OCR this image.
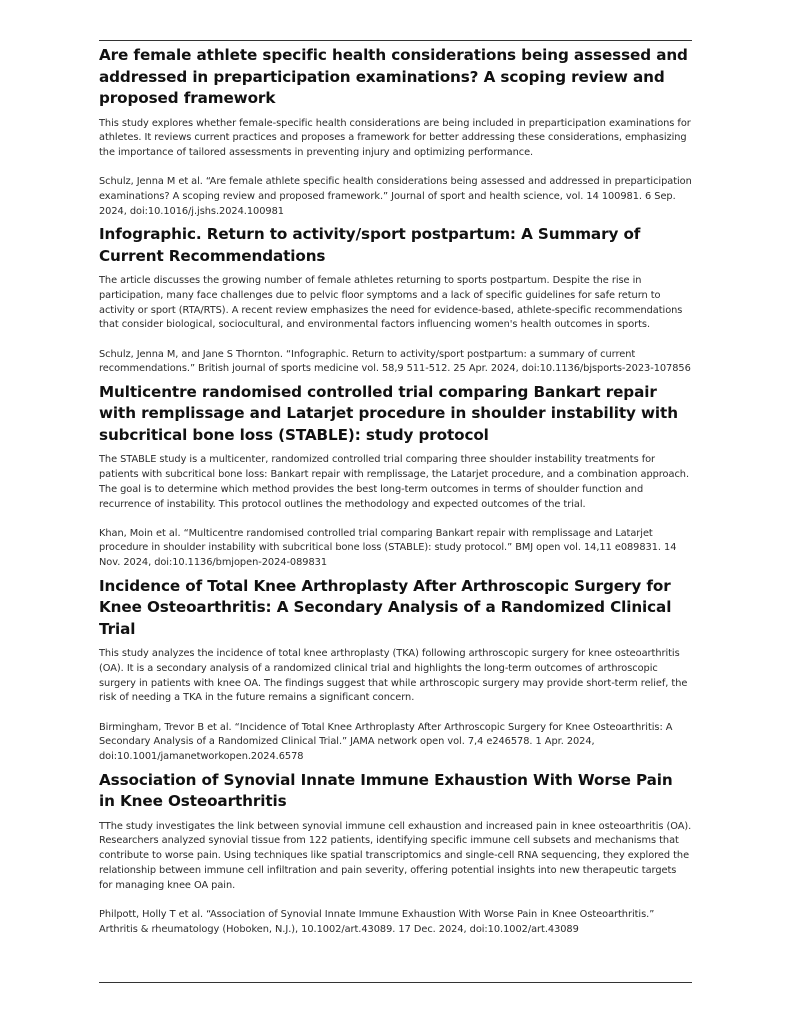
Are female athlete specific health considerations being assessed and addressed in preparticipation examinations? A scoping review and proposed framework

This study explores whether female-specific health considerations are being included in preparticipation examinations for athletes. It reviews current practices and proposes a framework for better addressing these considerations, emphasizing the importance of tailored assessments in preventing injury and optimizing performance.

Schulz, Jenna M et al. “Are female athlete specific health considerations being assessed and addressed in preparticipation examinations? A scoping review and proposed framework.” Journal of sport and health science, vol. 14 100981. 6 Sep. 2024, doi:10.1016/j.jshs.2024.100981

Infographic. Return to activity/sport postpartum: A Summary of Current Recommendations

The article discusses the growing number of female athletes returning to sports postpartum. Despite the rise in participation, many face challenges due to pelvic floor symptoms and a lack of specific guidelines for safe return to activity or sport (RTA/RTS). A recent review emphasizes the need for evidence-based, athlete-specific recommendations that consider biological, sociocultural, and environmental factors influencing women's health outcomes in sports.

Schulz, Jenna M, and Jane S Thornton. “Infographic. Return to activity/sport postpartum: a summary of current recommendations.” British journal of sports medicine vol. 58,9 511-512. 25 Apr. 2024, doi:10.1136/bjsports-2023-107856

Multicentre randomised controlled trial comparing Bankart repair with remplissage and Latarjet procedure in shoulder instability with subcritical bone loss (STABLE): study protocol

The STABLE study is a multicenter, randomized controlled trial comparing three shoulder instability treatments for patients with subcritical bone loss: Bankart repair with remplissage, the Latarjet procedure, and a combination approach. The goal is to determine which method provides the best long-term outcomes in terms of shoulder function and recurrence of instability. This protocol outlines the methodology and expected outcomes of the trial.

Khan, Moin et al. “Multicentre randomised controlled trial comparing Bankart repair with remplissage and Latarjet procedure in shoulder instability with subcritical bone loss (STABLE): study protocol.” BMJ open vol. 14,11 e089831. 14 Nov. 2024, doi:10.1136/bmjopen-2024-089831

Incidence of Total Knee Arthroplasty After Arthroscopic Surgery for Knee Osteoarthritis: A Secondary Analysis of a Randomized Clinical Trial

This study analyzes the incidence of total knee arthroplasty (TKA) following arthroscopic surgery for knee osteoarthritis (OA). It is a secondary analysis of a randomized clinical trial and highlights the long-term outcomes of arthroscopic surgery in patients with knee OA. The findings suggest that while arthroscopic surgery may provide short-term relief, the risk of needing a TKA in the future remains a significant concern.

Birmingham, Trevor B et al. “Incidence of Total Knee Arthroplasty After Arthroscopic Surgery for Knee Osteoarthritis: A Secondary Analysis of a Randomized Clinical Trial.” JAMA network open vol. 7,4 e246578. 1 Apr. 2024, doi:10.1001/jamanetworkopen.2024.6578

Association of Synovial Innate Immune Exhaustion With Worse Pain in Knee Osteoarthritis

TThe study investigates the link between synovial immune cell exhaustion and increased pain in knee osteoarthritis (OA). Researchers analyzed synovial tissue from 122 patients, identifying specific immune cell subsets and mechanisms that contribute to worse pain. Using techniques like spatial transcriptomics and single-cell RNA sequencing, they explored the relationship between immune cell infiltration and pain severity, offering potential insights into new therapeutic targets for managing knee OA pain.

Philpott, Holly T et al. “Association of Synovial Innate Immune Exhaustion With Worse Pain in Knee Osteoarthritis.” Arthritis & rheumatology (Hoboken, N.J.), 10.1002/art.43089. 17 Dec. 2024, doi:10.1002/art.43089
